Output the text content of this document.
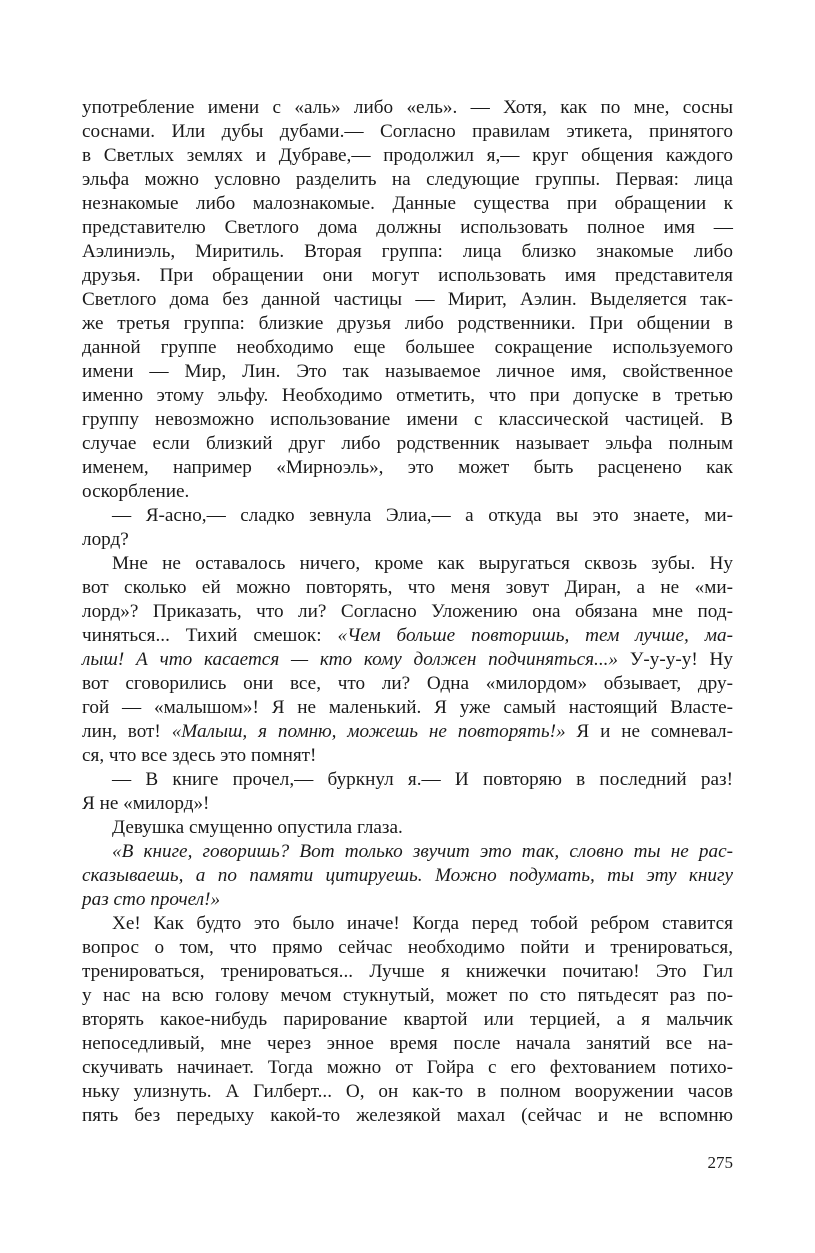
употребление имени с «аль» либо «ель». — Хотя, как по мне, сосны
соснами. Или дубы дубами.— Согласно правилам этикета, принятого
в Светлых землях и Дубраве,— продолжил я,— круг общения каждого
эльфа можно условно разделить на следующие группы. Первая: лица
незнакомые либо малознакомые. Данные существа при обращении к
представителю Светлого дома должны использовать полное имя —
Аэлиниэль, Миритиль. Вторая группа: лица близко знакомые либо
друзья. При обращении они могут использовать имя представителя
Светлого дома без данной частицы — Мирит, Аэлин. Выделяется так-
же третья группа: близкие друзья либо родственники. При общении в
данной группе необходимо еще большее сокращение используемого
имени — Мир, Лин. Это так называемое личное имя, свойственное
именно этому эльфу. Необходимо отметить, что при допуске в третью
группу невозможно использование имени с классической частицей. В
случае если близкий друг либо родственник называет эльфа полным
именем, например «Мирноэль», это может быть расценено как
оскорбление.
— Я-асно,— сладко зевнула Элиа,— а откуда вы это знаете, ми-
лорд?
Мне не оставалось ничего, кроме как выругаться сквозь зубы. Ну
вот сколько ей можно повторять, что меня зовут Диран, а не «ми-
лорд»? Приказать, что ли? Согласно Уложению она обязана мне под-
чиняться... Тихий смешок: «Чем больше повторишь, тем лучше, ма-
лыш! А что касается — кто кому должен подчиняться...» У-у-у-у! Ну
вот сговорились они все, что ли? Одна «милордом» обзывает, дру-
гой — «малышом»! Я не маленький. Я уже самый настоящий Власте-
лин, вот! «Малыш, я помню, можешь не повторять!» Я и не сомневал-
ся, что все здесь это помнят!
— В книге прочел,— буркнул я.— И повторяю в последний раз!
Я не «милорд»!
Девушка смущенно опустила глаза.
«В книге, говоришь? Вот только звучит это так, словно ты не рас-
сказываешь, а по памяти цитируешь. Можно подумать, ты эту книгу
раз сто прочел!»
Хе! Как будто это было иначе! Когда перед тобой ребром ставится
вопрос о том, что прямо сейчас необходимо пойти и тренироваться,
тренироваться, тренироваться... Лучше я книжечки почитаю! Это Гил
у нас на всю голову мечом стукнутый, может по сто пятьдесят раз по-
вторять какое-нибудь парирование квартой или терцией, а я мальчик
непоседливый, мне через энное время после начала занятий все на-
скучивать начинает. Тогда можно от Гойра с его фехтованием потихо-
ньку улизнуть. А Гилберт... О, он как-то в полном вооружении часов
пять без передыху какой-то железякой махал (сейчас и не вспомню
275
